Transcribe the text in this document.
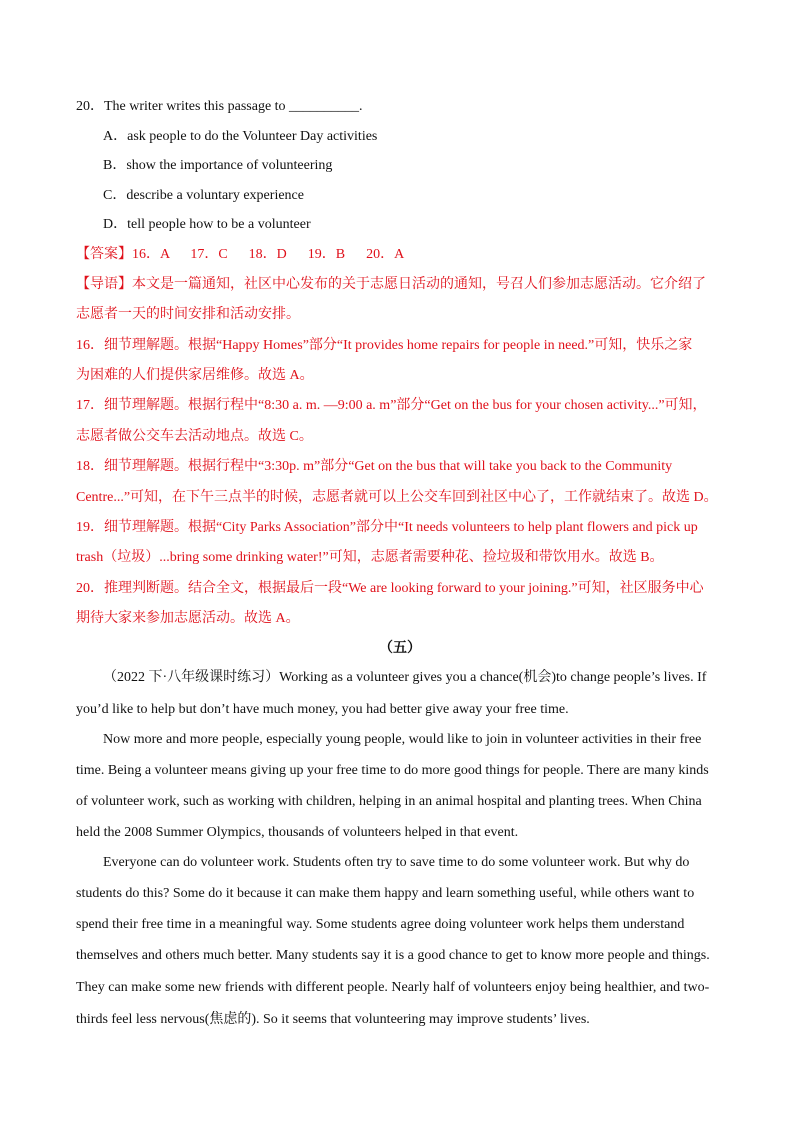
20．The writer writes this passage to __________.
A．ask people to do the Volunteer Day activities
B．show the importance of volunteering
C．describe a voluntary experience
D．tell people how to be a volunteer
【答案】16．A      17．C      18．D      19．B      20．A
【导语】本文是一篇通知，社区中心发布的关于志愿日活动的通知，号召人们参加志愿活动。它介绍了
志愿者一天的时间安排和活动安排。
16．细节理解题。根据“Happy Homes”部分“It provides home repairs for people in need.”可知，快乐之家
为困难的人们提供家居维修。故选 A。
17．细节理解题。根据行程中“8:30 a. m. —9:00 a. m”部分“Get on the bus for your chosen activity...”可知，
志愿者做公交车去活动地点。故选 C。
18．细节理解题。根据行程中“3:30p. m”部分“Get on the bus that will take you back to the Community
Centre...”可知，在下午三点半的时候，志愿者就可以上公交车回到社区中心了，工作就结束了。故选 D。
19．细节理解题。根据“City Parks Association”部分中“It needs volunteers to help plant flowers and pick up
trash（垃圾）...bring some drinking water!”可知，志愿者需要种花、捡垃圾和带饮用水。故选 B。
20．推理判断题。结合全文，根据最后一段“We are looking forward to your joining.”可知，社区服务中心
期待大家来参加志愿活动。故选 A。
（五）
（2022 下·八年级课时练习）Working as a volunteer gives you a chance(机会)to change people’s lives. If
you’d like to help but don’t have much money, you had better give away your free time.
Now more and more people, especially young people, would like to join in volunteer activities in their free
time. Being a volunteer means giving up your free time to do more good things for people. There are many kinds
of volunteer work, such as working with children, helping in an animal hospital and planting trees. When China
held the 2008 Summer Olympics, thousands of volunteers helped in that event.
Everyone can do volunteer work. Students often try to save time to do some volunteer work. But why do
students do this? Some do it because it can make them happy and learn something useful, while others want to
spend their free time in a meaningful way. Some students agree doing volunteer work helps them understand
themselves and others much better. Many students say it is a good chance to get to know more people and things.
They can make some new friends with different people. Nearly half of volunteers enjoy being healthier, and two-
thirds feel less nervous(焦虑的). So it seems that volunteering may improve students’ lives.
